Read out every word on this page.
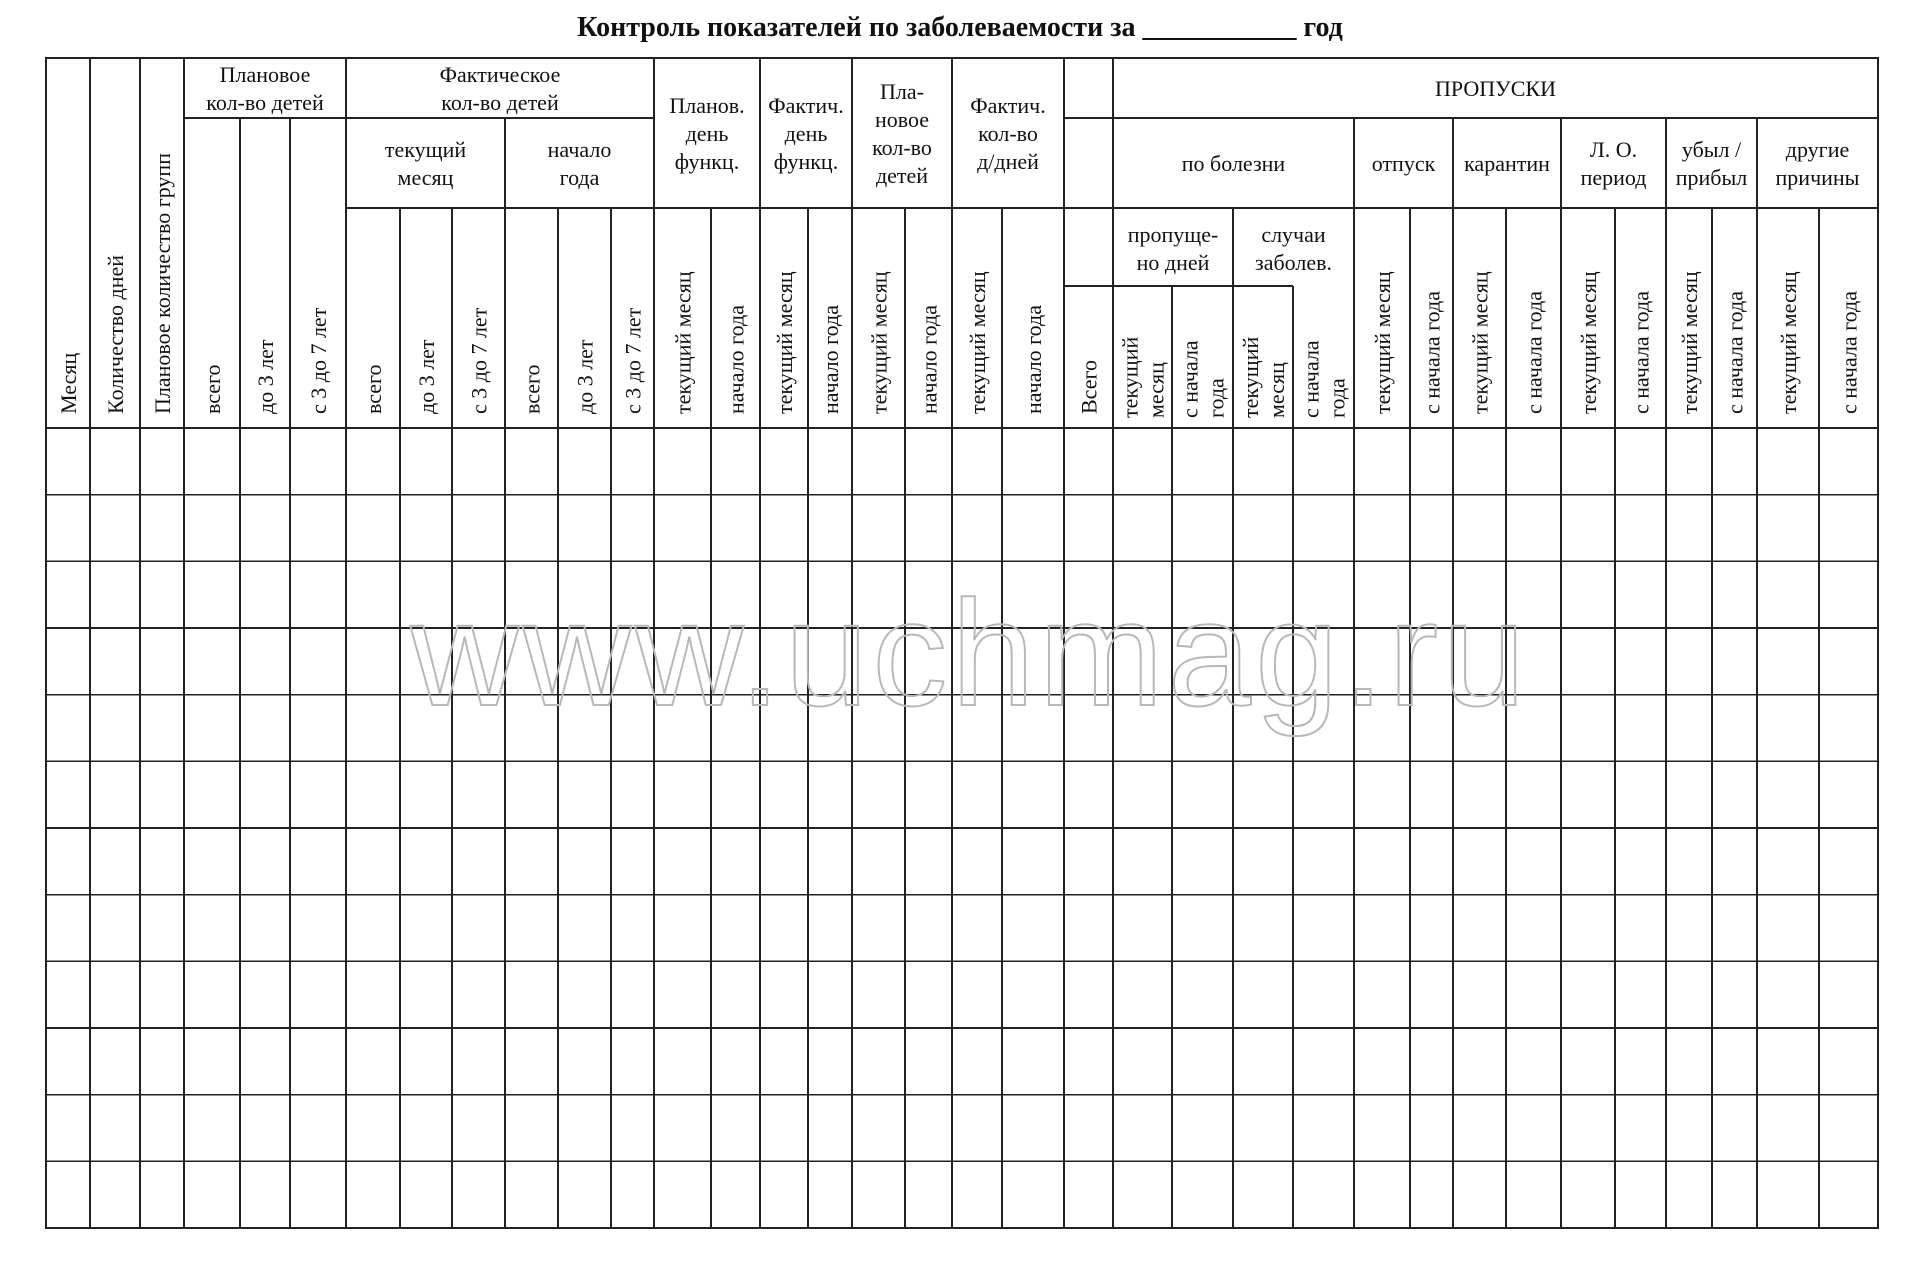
Контроль показателей по заболеваемости за ___________ год
Месяц Количество дней Плановое количество групп
Плановое кол-во детей
всего до 3 лет с 3 до 7 лет
Фактическое кол-во детей
текущий месяц
начало года
всего до 3 лет с 3 до 7 лет всего до 3 лет с 3 до 7 лет
Планов. день функц.
Фактич. день функц.
Пла-новое кол-во детей
Фактич. кол-во д/дней
текущий месяц начало года текущий месяц начало года текущий месяц начало года текущий месяц начало года Всего
ПРОПУСКИ
по болезни	отпуск карантин
Л. О. период
убыл / прибыл
другие причины
пропуще-но дней
случаи заболев.
текущиймесяц с началагода текущиймесяц с началагода текущий месяц с начала года текущий месяц с начала года текущий месяц с начала года текущий месяц с начала года текущий месяц с начала года
www.uchmag.ru
